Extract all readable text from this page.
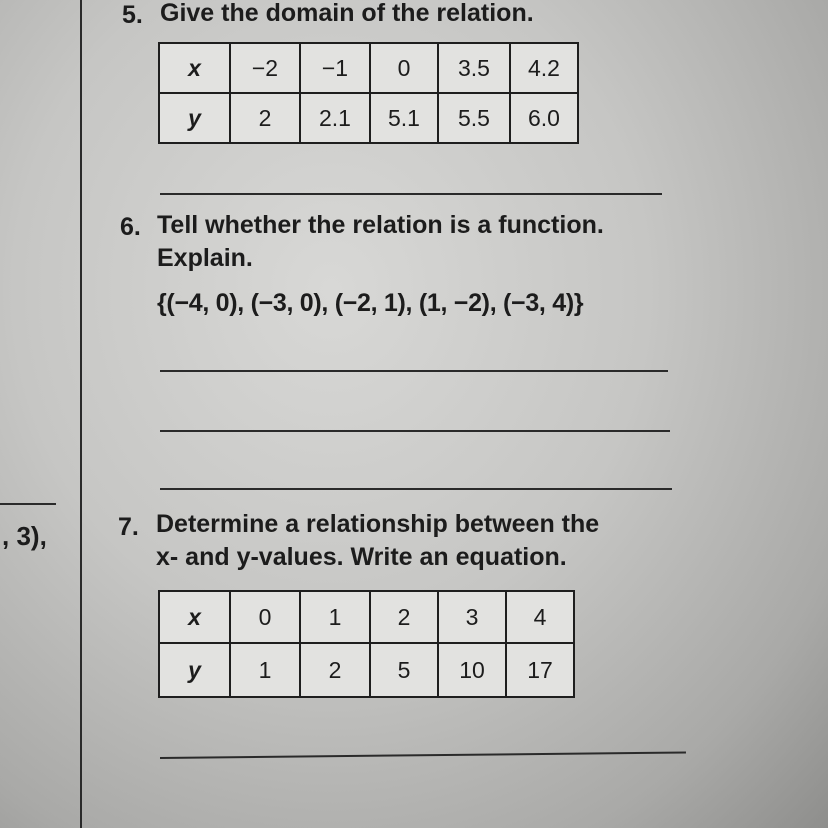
, 3),
5. Give the domain of the relation.
x	−2	−1	0	3.5	4.2
y	2	2.1	5.1	5.5	6.0
6. Tell whether the relation is a function.
Explain.
{(−4, 0), (−3, 0), (−2, 1), (1, −2), (−3, 4)}
7. Determine a relationship between the
x- and y-values. Write an equation.
x	0	1	2	3	4
y	1	2	5	10	17
